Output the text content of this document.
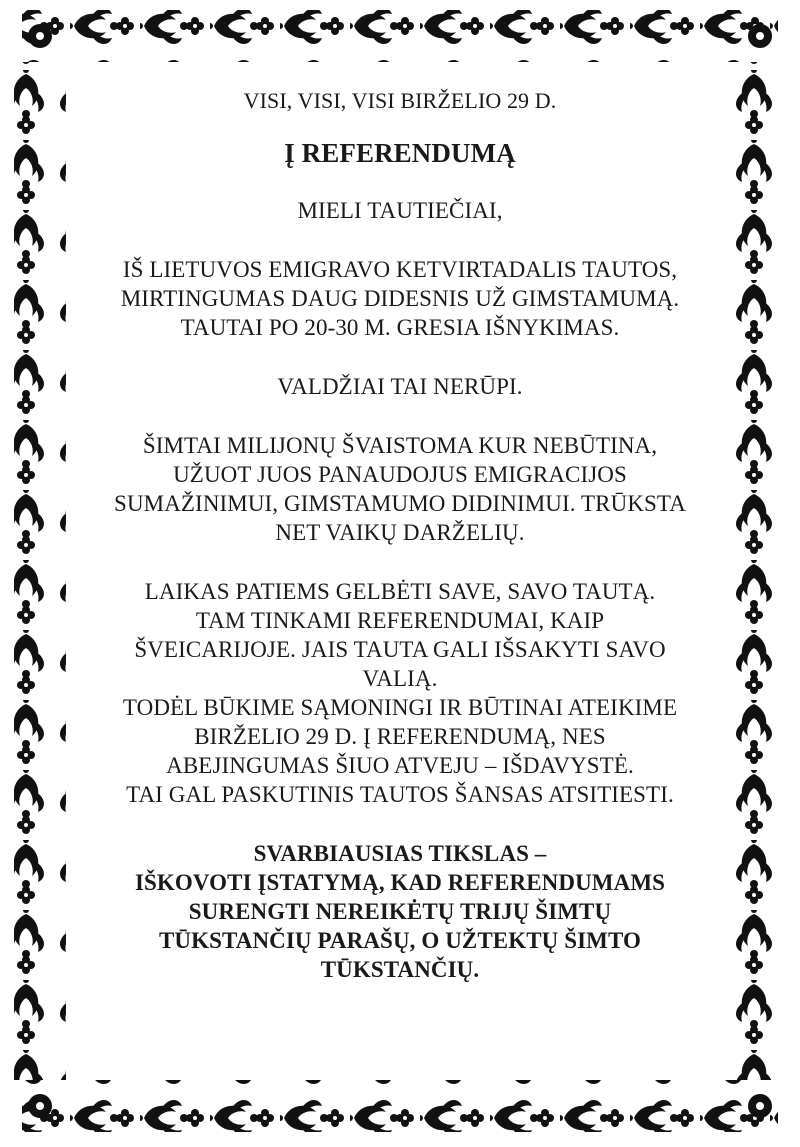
VISI, VISI, VISI BIRŽELIO 29 D.

Į REFERENDUMĄ

MIELI TAUTIEČIAI,

IŠ LIETUVOS EMIGRAVO KETVIRTADALIS TAUTOS,

MIRTINGUMAS DAUG DIDESNIS UŽ GIMSTAMUMĄ.

TAUTAI PO 20-30 M. GRESIA IŠNYKIMAS.

VALDŽIAI TAI NERŪPI.

ŠIMTAI MILIJONŲ ŠVAISTOMA KUR NEBŪTINA,

UŽUOT JUOS PANAUDOJUS EMIGRACIJOS

SUMAŽINIMUI, GIMSTAMUMO DIDINIMUI. TRŪKSTA

NET VAIKŲ DARŽELIŲ.

LAIKAS PATIEMS GELBĖTI SAVE, SAVO TAUTĄ.

TAM TINKAMI REFERENDUMAI, KAIP

ŠVEICARIJOJE. JAIS TAUTA GALI IŠSAKYTI SAVO

VALIĄ.

TODĖL BŪKIME SĄMONINGI IR BŪTINAI ATEIKIME

BIRŽELIO 29 D. Į REFERENDUMĄ, NES

ABEJINGUMAS ŠIUO ATVEJU – IŠDAVYSTĖ.

TAI GAL PASKUTINIS TAUTOS ŠANSAS ATSITIESTI.

SVARBIAUSIAS TIKSLAS –

IŠKOVOTI ĮSTATYMĄ, KAD REFERENDUMAMS

SURENGTI NEREIKĖTŲ TRIJŲ ŠIMTŲ

TŪKSTANČIŲ PARAŠŲ, O UŽTEKTŲ ŠIMTO

TŪKSTANČIŲ.
